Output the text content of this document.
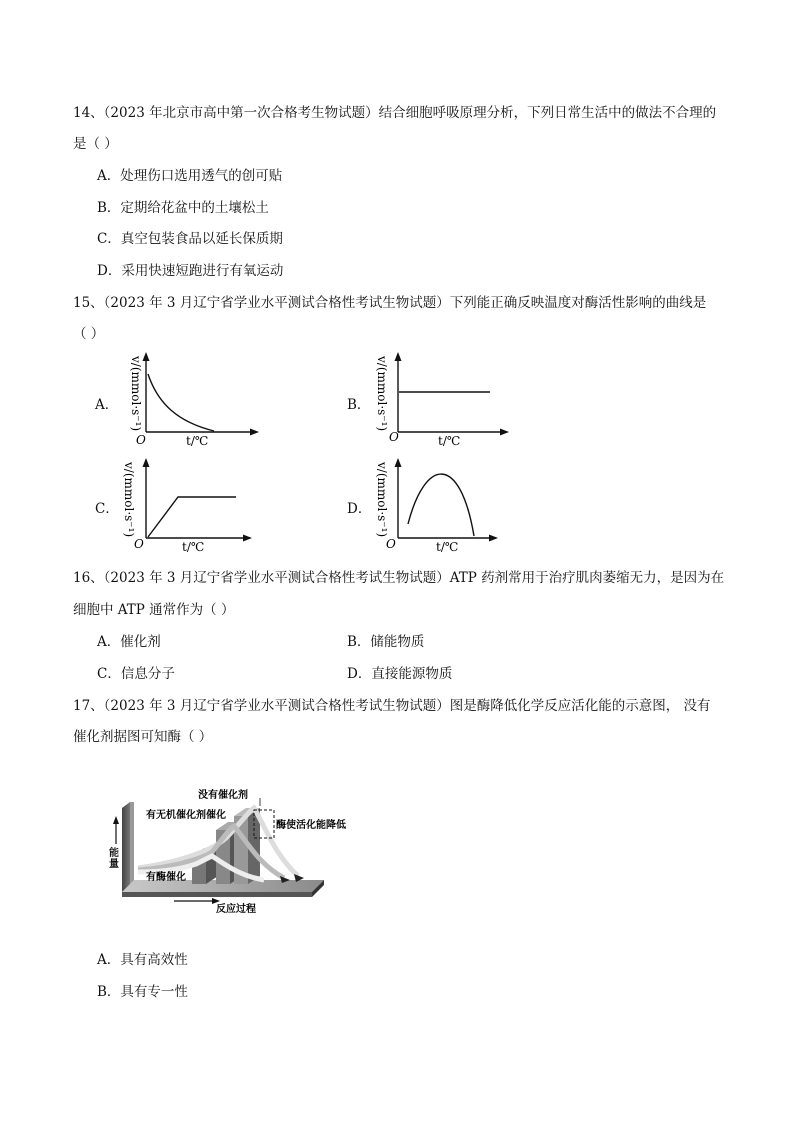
14、（2023 年北京市高中第一次合格考生物试题）结合细胞呼吸原理分析，下列日常生活中的做法不合理的
是（ ）
A．处理伤口选用透气的创可贴
B．定期给花盆中的土壤松土
C．真空包装食品以延长保质期
D．采用快速短跑进行有氧运动
15、（2023 年 3 月辽宁省学业水平测试合格性考试生物试题）下列能正确反映温度对酶活性影响的曲线是
（ ）
A． v/(mmol·s⁻¹)
O	t/℃
B． v/(mmol·s⁻¹)
O	t/℃
C． v/(mmol·s⁻¹)
O	t/℃
D． v/(mmol·s⁻¹)
O	t/℃
16、（2023 年 3 月辽宁省学业水平测试合格性考试生物试题）ATP 药剂常用于治疗肌肉萎缩无力，是因为在
细胞中 ATP 通常作为（ ）
A．催化剂	B．储能物质
C．信息分子	D．直接能源物质
17、（2023 年 3 月辽宁省学业水平测试合格性考试生物试题）图是酶降低化学反应活化能的示意图， 没有
催化剂据图可知酶（ ）
没有催化剂
有无机催化剂催化
酶使活化能降低
有酶催化
反应过程
能量
A．具有高效性
B．具有专一性
